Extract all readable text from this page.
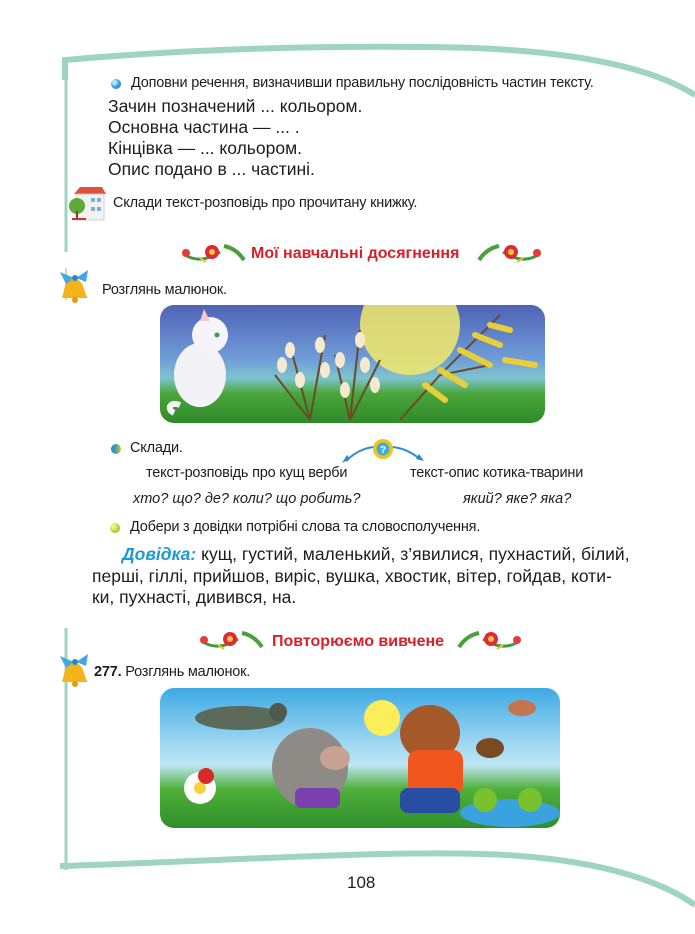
Доповни речення, визначивши правильну послідовність частин тексту.
Зачин позначений ... кольором.
Основна частина — ... .
Кінцівка — ... кольором.
Опис подано в ... частині.
Склади текст-розповідь про прочитану книжку.
Мої навчальні досягнення
Розглянь малюнок.
Склади.	?
текст-розповідь про кущ верби	текст-опис котика-тварини
хто? що? де? коли? що робить?	який? яке? яка?
Добери з довідки потрібні слова та словосполучення.
Довідка: кущ, густий, маленький, з’явилися, пухнастий, білий,
перші, гіллі, прийшов, виріс, вушка, хвостик, вітер, гойдав, коти-
ки, пухнасті, дивився, на.
Повторюємо вивчене
277. Розглянь малюнок.
108
